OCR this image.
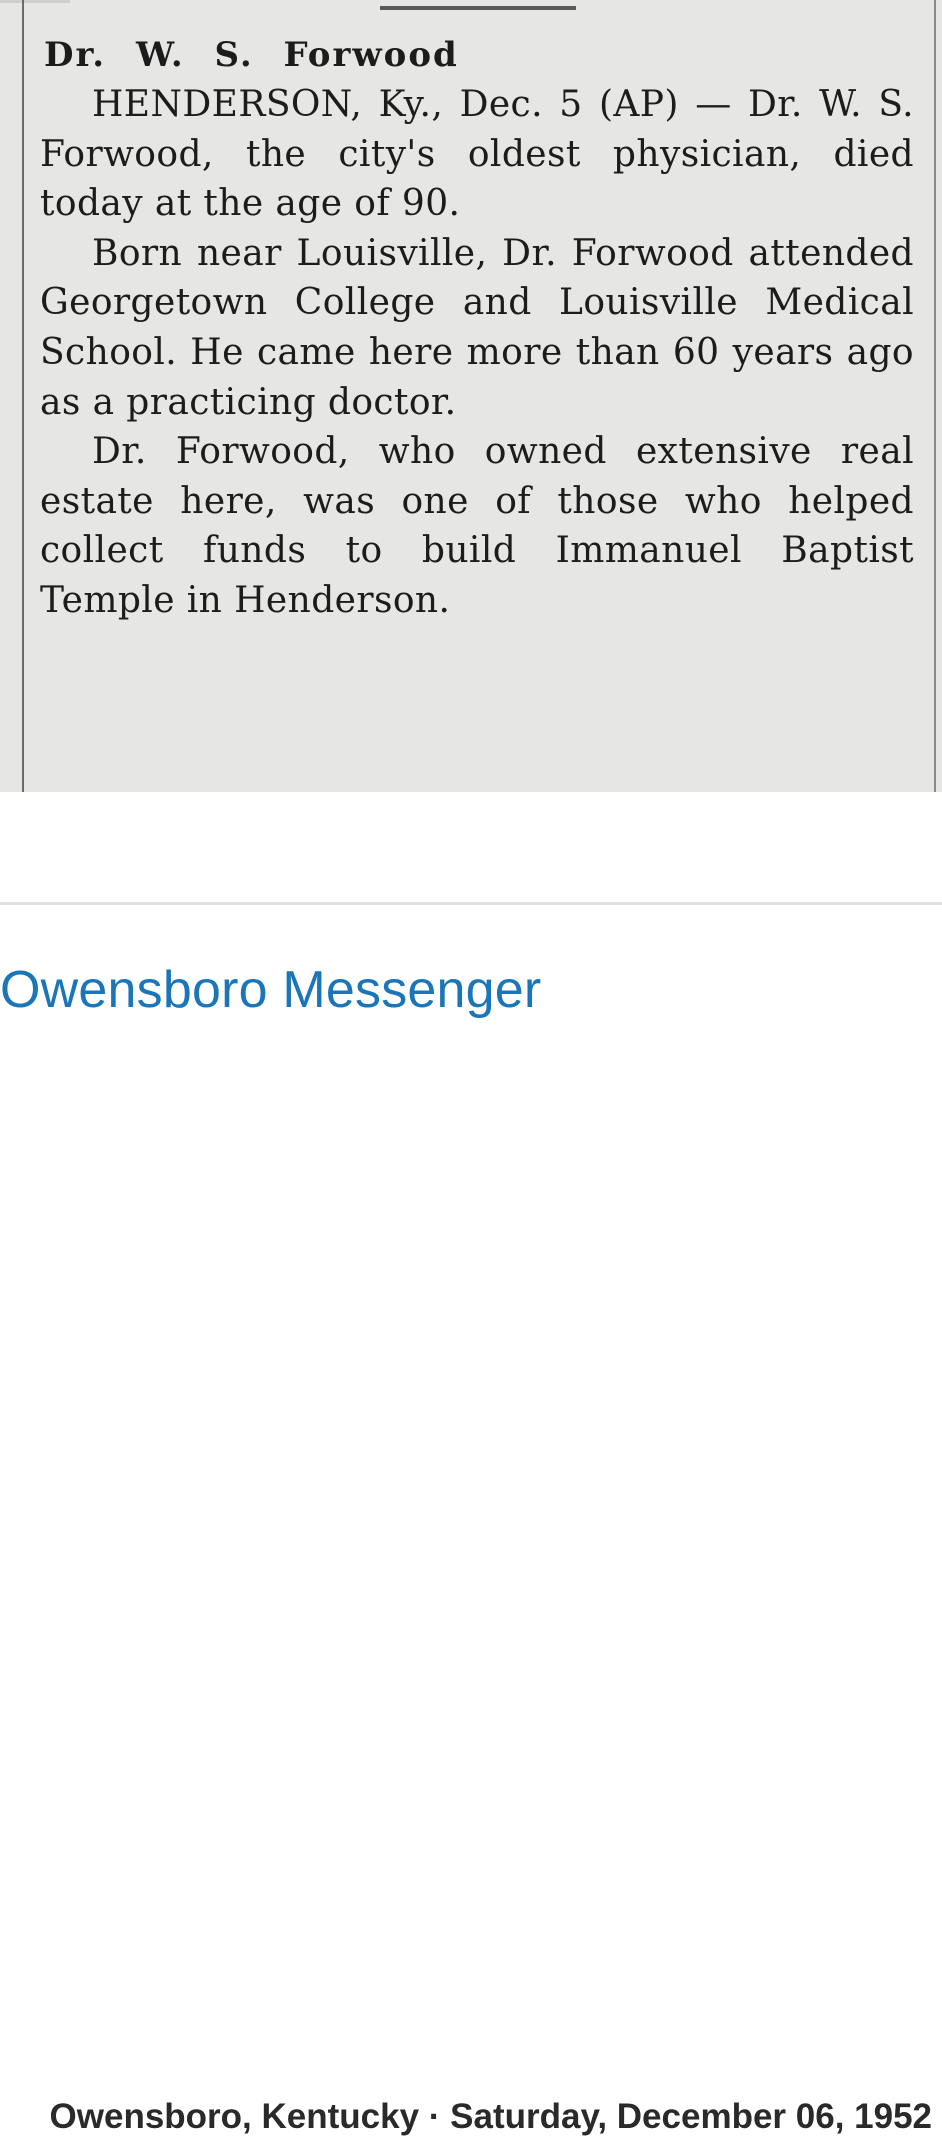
Dr. W. S. Forwood

HENDERSON, Ky., Dec. 5 (AP) — Dr. W. S. Forwood, the city's oldest physician, died today at the age of 90.

Born near Louisville, Dr. Forwood attended Georgetown College and Louisville Medical School. He came here more than 60 years ago as a practicing doctor.

Dr. Forwood, who owned extensive real estate here, was one of those who helped collect funds to build Immanuel Baptist Temple in Henderson.

Owensboro Messenger
Owensboro, Kentucky · Saturday, December 06, 1952
